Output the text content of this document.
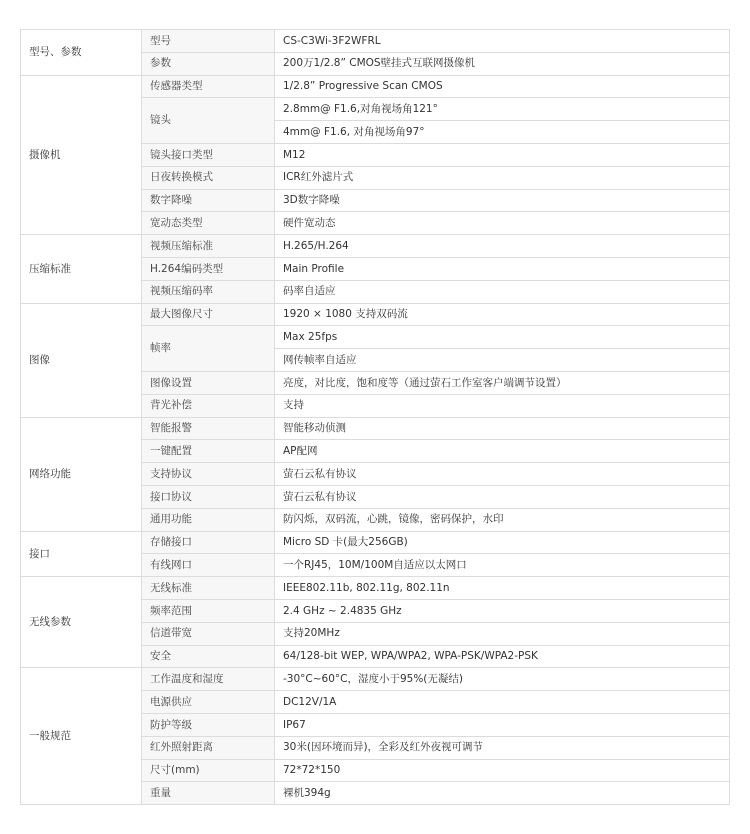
型号、参数	型号	CS-C3Wi-3F2WFRL
	参数	200万1/2.8” CMOS壁挂式互联网摄像机
摄像机	传感器类型	1/2.8” Progressive Scan CMOS
	镜头	2.8mm@ F1.6,对角视场角121°
		4mm@ F1.6, 对角视场角97°
	镜头接口类型	M12
	日夜转换模式	ICR红外滤片式
	数字降噪	3D数字降噪
	宽动态类型	硬件宽动态
压缩标准	视频压缩标准	H.265/H.264
	H.264编码类型	Main Profile
	视频压缩码率	码率自适应
图像	最大图像尺寸	1920 × 1080 支持双码流
	帧率	Max 25fps
		网传帧率自适应
	图像设置	亮度，对比度，饱和度等（通过萤石工作室客户端调节设置）
	背光补偿	支持
网络功能	智能报警	智能移动侦测
	一键配置	AP配网
	支持协议	萤石云私有协议
	接口协议	萤石云私有协议
	通用功能	防闪烁，双码流，心跳，镜像，密码保护，水印
接口	存储接口	Micro SD 卡(最大256GB)
	有线网口	一个RJ45，10M/100M自适应以太网口
无线参数	无线标准	IEEE802.11b, 802.11g, 802.11n
	频率范围	2.4 GHz ~ 2.4835 GHz
	信道带宽	支持20MHz
	安全	64/128-bit WEP, WPA/WPA2, WPA-PSK/WPA2-PSK
一般规范	工作温度和湿度	-30°C~60°C，湿度小于95%(无凝结)
	电源供应	DC12V/1A
	防护等级	IP67
	红外照射距离	30米(因环境而异)，全彩及红外夜视可调节
	尺寸(mm)	72*72*150
	重量	裸机394g
